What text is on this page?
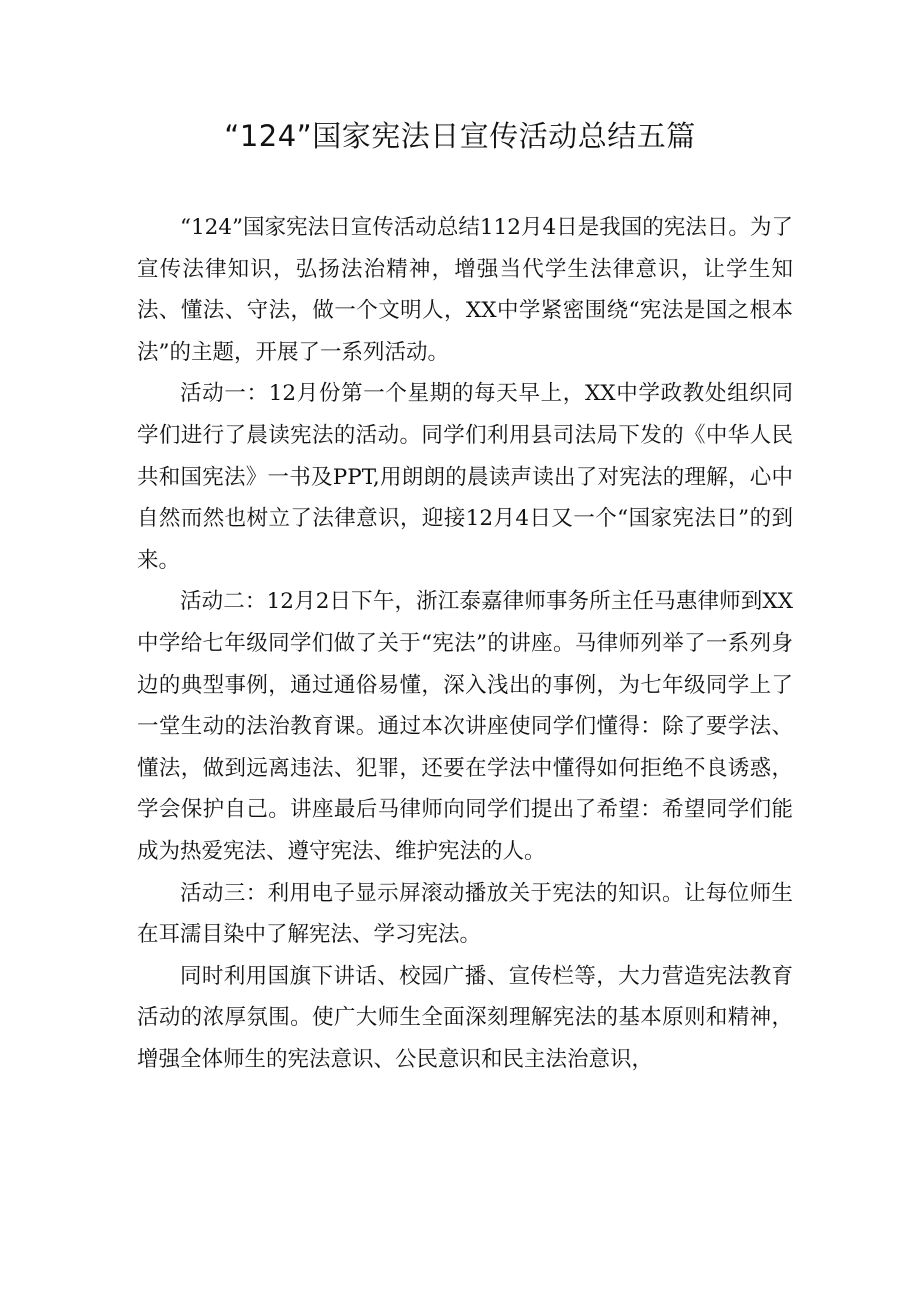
“124”国家宪法日宣传活动总结五篇

“124”国家宪法日宣传活动总结112月4日是我国的宪法日。为了宣传法律知识，弘扬法治精神，增强当代学生法律意识，让学生知法、懂法、守法，做一个文明人，XX中学紧密围绕“宪法是国之根本法”的主题，开展了一系列活动。

活动一：12月份第一个星期的每天早上，XX中学政教处组织同学们进行了晨读宪法的活动。同学们利用县司法局下发的《中华人民共和国宪法》一书及PPT,用朗朗的晨读声读出了对宪法的理解，心中自然而然也树立了法律意识，迎接12月4日又一个“国家宪法日”的到来。

活动二：12月2日下午，浙江泰嘉律师事务所主任马惠律师到XX中学给七年级同学们做了关于“宪法”的讲座。马律师列举了一系列身边的典型事例，通过通俗易懂，深入浅出的事例，为七年级同学上了一堂生动的法治教育课。通过本次讲座使同学们懂得：除了要学法、懂法，做到远离违法、犯罪，还要在学法中懂得如何拒绝不良诱惑，学会保护自己。讲座最后马律师向同学们提出了希望：希望同学们能成为热爱宪法、遵守宪法、维护宪法的人。

活动三：利用电子显示屏滚动播放关于宪法的知识。让每位师生在耳濡目染中了解宪法、学习宪法。

同时利用国旗下讲话、校园广播、宣传栏等，大力营造宪法教育活动的浓厚氛围。使广大师生全面深刻理解宪法的基本原则和精神，增强全体师生的宪法意识、公民意识和民主法治意识，
